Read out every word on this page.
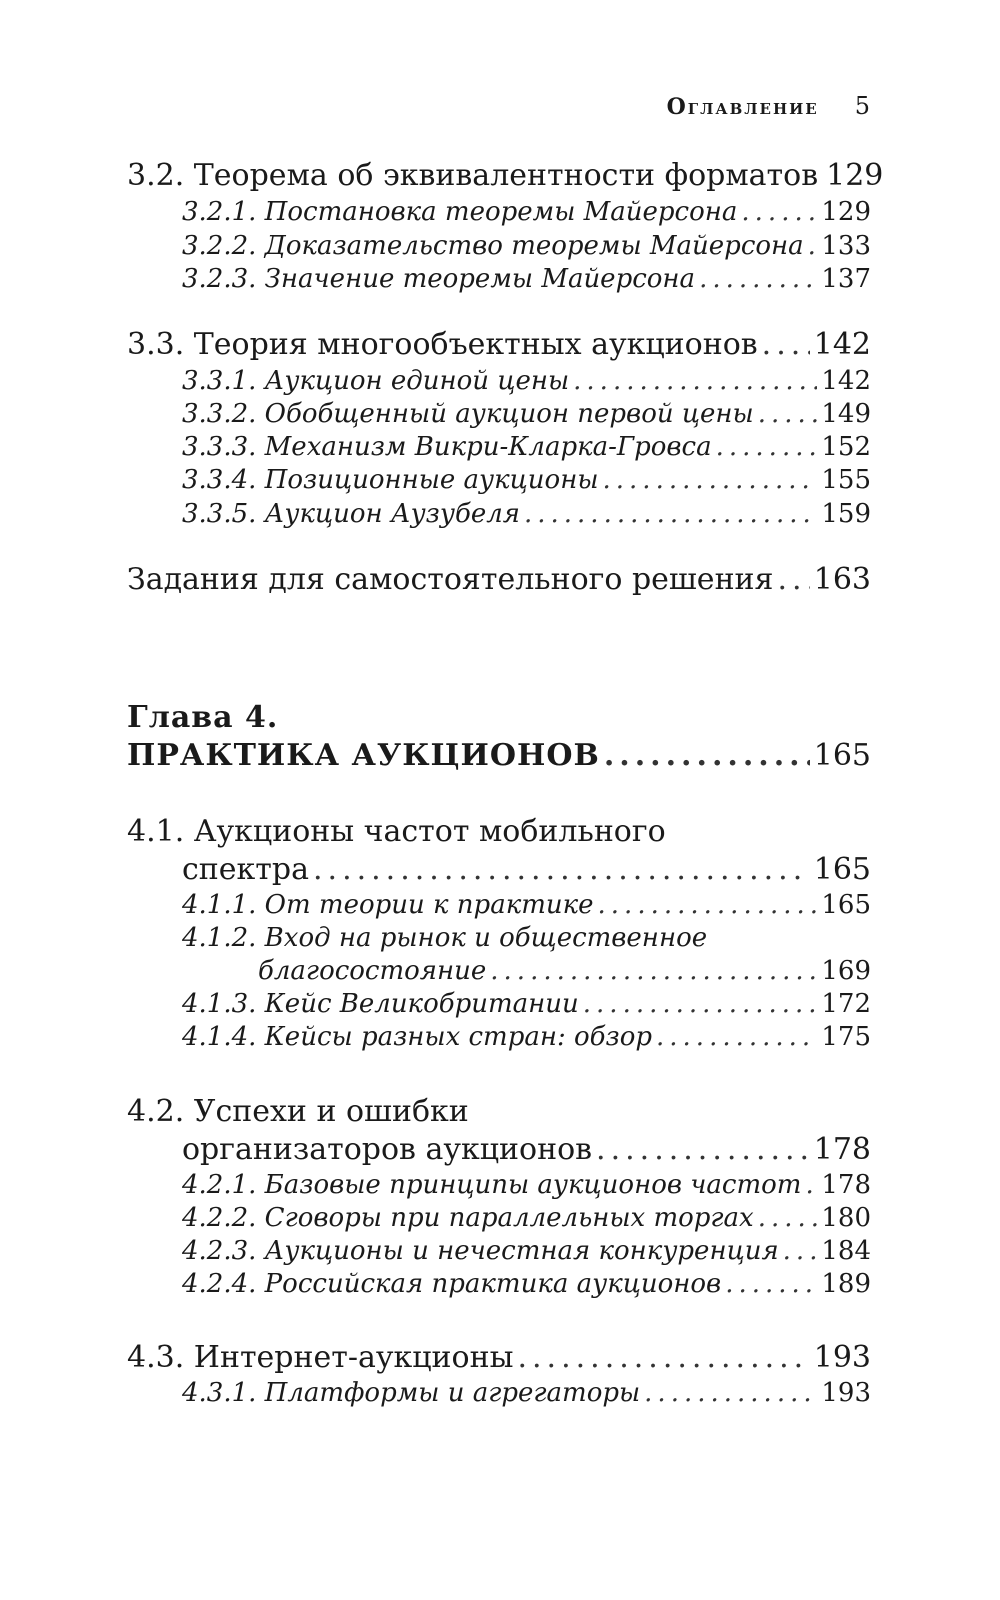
Оглавление 5
3.2. Теорема об эквивалентности форматов 129
3.2.1. Постановка теоремы Майерсона .....	129
3.2.2. Доказательство теоремы Майерсона ..... 133
3.2.3. Значение теоремы Майерсона .....	137
3.3. Теория многообъектных аукционов ..... 142
3.3.1. Аукцион единой цены .....	142
3.3.2. Обобщенный аукцион первой цены .....	149
3.3.3. Механизм Викри-Кларка-Гровса .....	152
3.3.4. Позиционные аукционы .....	155
3.3.5. Аукцион Аузубеля .....	159
Задания для самостоятельного решения ..... 163
Глава 4.
ПРАКТИКА АУКЦИОНОВ .....	165
4.1. Аукционы частот мобильного
спектра .....	165
4.1.1. От теории к практике .....	165
4.1.2. Вход на рынок и общественное
благосостояние .....	169
4.1.3. Кейс Великобритании .....	172
4.1.4. Кейсы разных стран: обзор .....	175
4.2. Успехи и ошибки
организаторов аукционов .....	178
4.2.1. Базовые принципы аукционов частот ..... 178
4.2.2. Сговоры при параллельных торгах .....	180
4.2.3. Аукционы и нечестная конкуренция ..... 184
4.2.4. Российская практика аукционов .....	189
4.3. Интернет-аукционы .....	193
4.3.1. Платформы и агрегаторы .....	193
